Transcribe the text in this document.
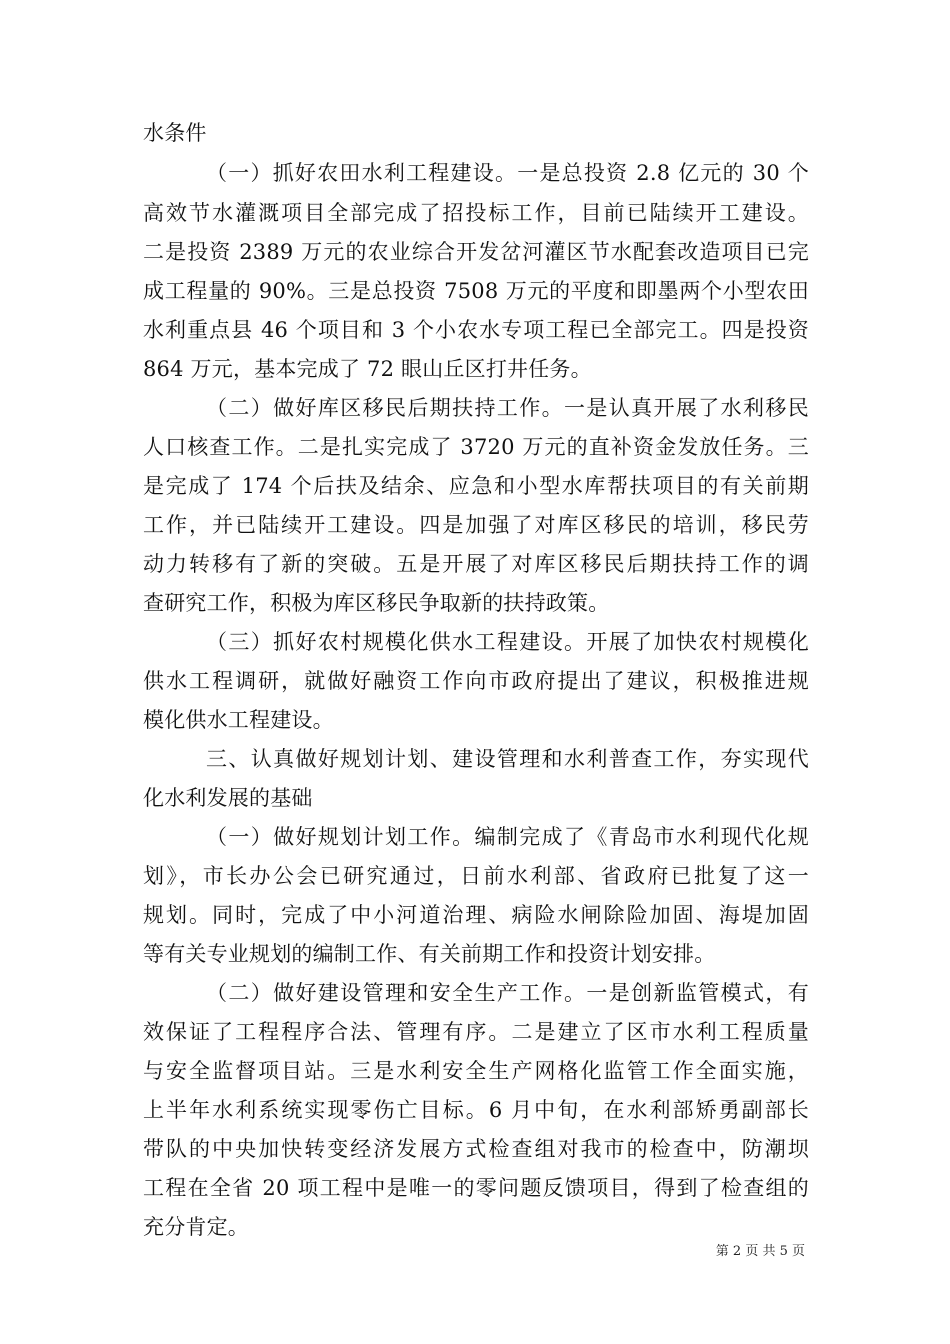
水条件
（一）抓好农田水利工程建设。一是总投资 2.8 亿元的 30 个
高效节水灌溉项目全部完成了招投标工作，目前已陆续开工建设。
二是投资 2389 万元的农业综合开发岔河灌区节水配套改造项目已完
成工程量的 90%。三是总投资 7508 万元的平度和即墨两个小型农田
水利重点县 46 个项目和 3 个小农水专项工程已全部完工。四是投资
864 万元，基本完成了 72 眼山丘区打井任务。
（二）做好库区移民后期扶持工作。一是认真开展了水利移民
人口核查工作。二是扎实完成了 3720 万元的直补资金发放任务。三
是完成了 174 个后扶及结余、应急和小型水库帮扶项目的有关前期
工作，并已陆续开工建设。四是加强了对库区移民的培训，移民劳
动力转移有了新的突破。五是开展了对库区移民后期扶持工作的调
查研究工作，积极为库区移民争取新的扶持政策。
（三）抓好农村规模化供水工程建设。开展了加快农村规模化
供水工程调研，就做好融资工作向市政府提出了建议，积极推进规
模化供水工程建设。
三、认真做好规划计划、建设管理和水利普查工作，夯实现代
化水利发展的基础
（一）做好规划计划工作。编制完成了《青岛市水利现代化规
划》，市长办公会已研究通过，日前水利部、省政府已批复了这一
规划。同时，完成了中小河道治理、病险水闸除险加固、海堤加固
等有关专业规划的编制工作、有关前期工作和投资计划安排。
（二）做好建设管理和安全生产工作。一是创新监管模式，有
效保证了工程程序合法、管理有序。二是建立了区市水利工程质量
与安全监督项目站。三是水利安全生产网格化监管工作全面实施，
上半年水利系统实现零伤亡目标。6 月中旬，在水利部矫勇副部长
带队的中央加快转变经济发展方式检查组对我市的检查中，防潮坝
工程在全省 20 项工程中是唯一的零问题反馈项目，得到了检查组的
充分肯定。
第 2 页 共 5 页
